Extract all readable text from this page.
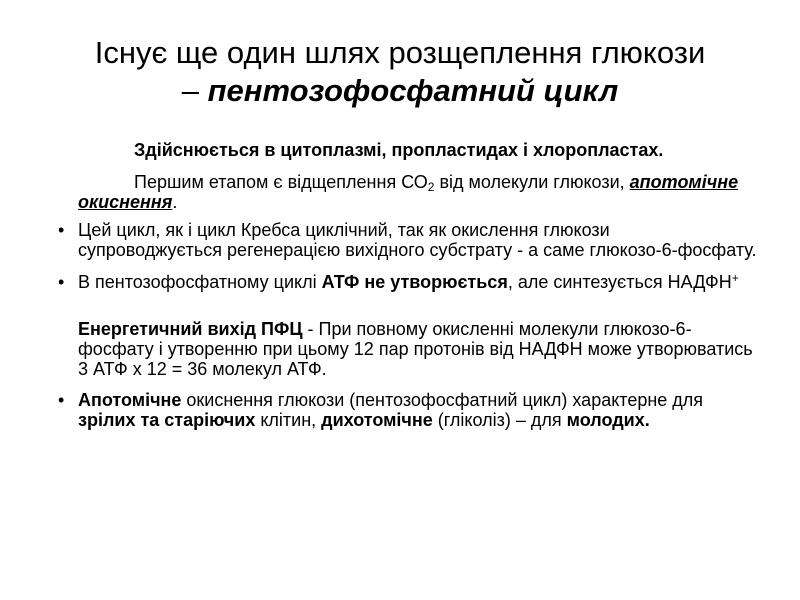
Існує ще один шлях розщеплення глюкози
– пентозофосфатний цикл
Здійснюється в цитоплазмі, пропластидах і хлоропластах.
Першим етапом є відщеплення $СО_2$ від молекули глюкози, апотомічне окиснення.
• Цей цикл, як і цикл Кребса циклічний, так як окислення глюкози супроводжується регенерацією вихідного субстрату - а саме глюкозо-6-фосфату.
• В пентозофосфатному циклі АТФ не утворюється, але синтезується НАДФН+
Енергетичний вихід ПФЦ - При повному окисленні молекули глюкозо-6-фосфату і утворенню при цьому 12 пар протонів від НАДФН може утворюватись 3 АТФ х 12 = 36 молекул АТФ.
• Апотомічне окиснення глюкози (пентозофосфатний цикл) характерне для зрілих та старіючих клітин, дихотомічне (гліколіз) – для молодих.
